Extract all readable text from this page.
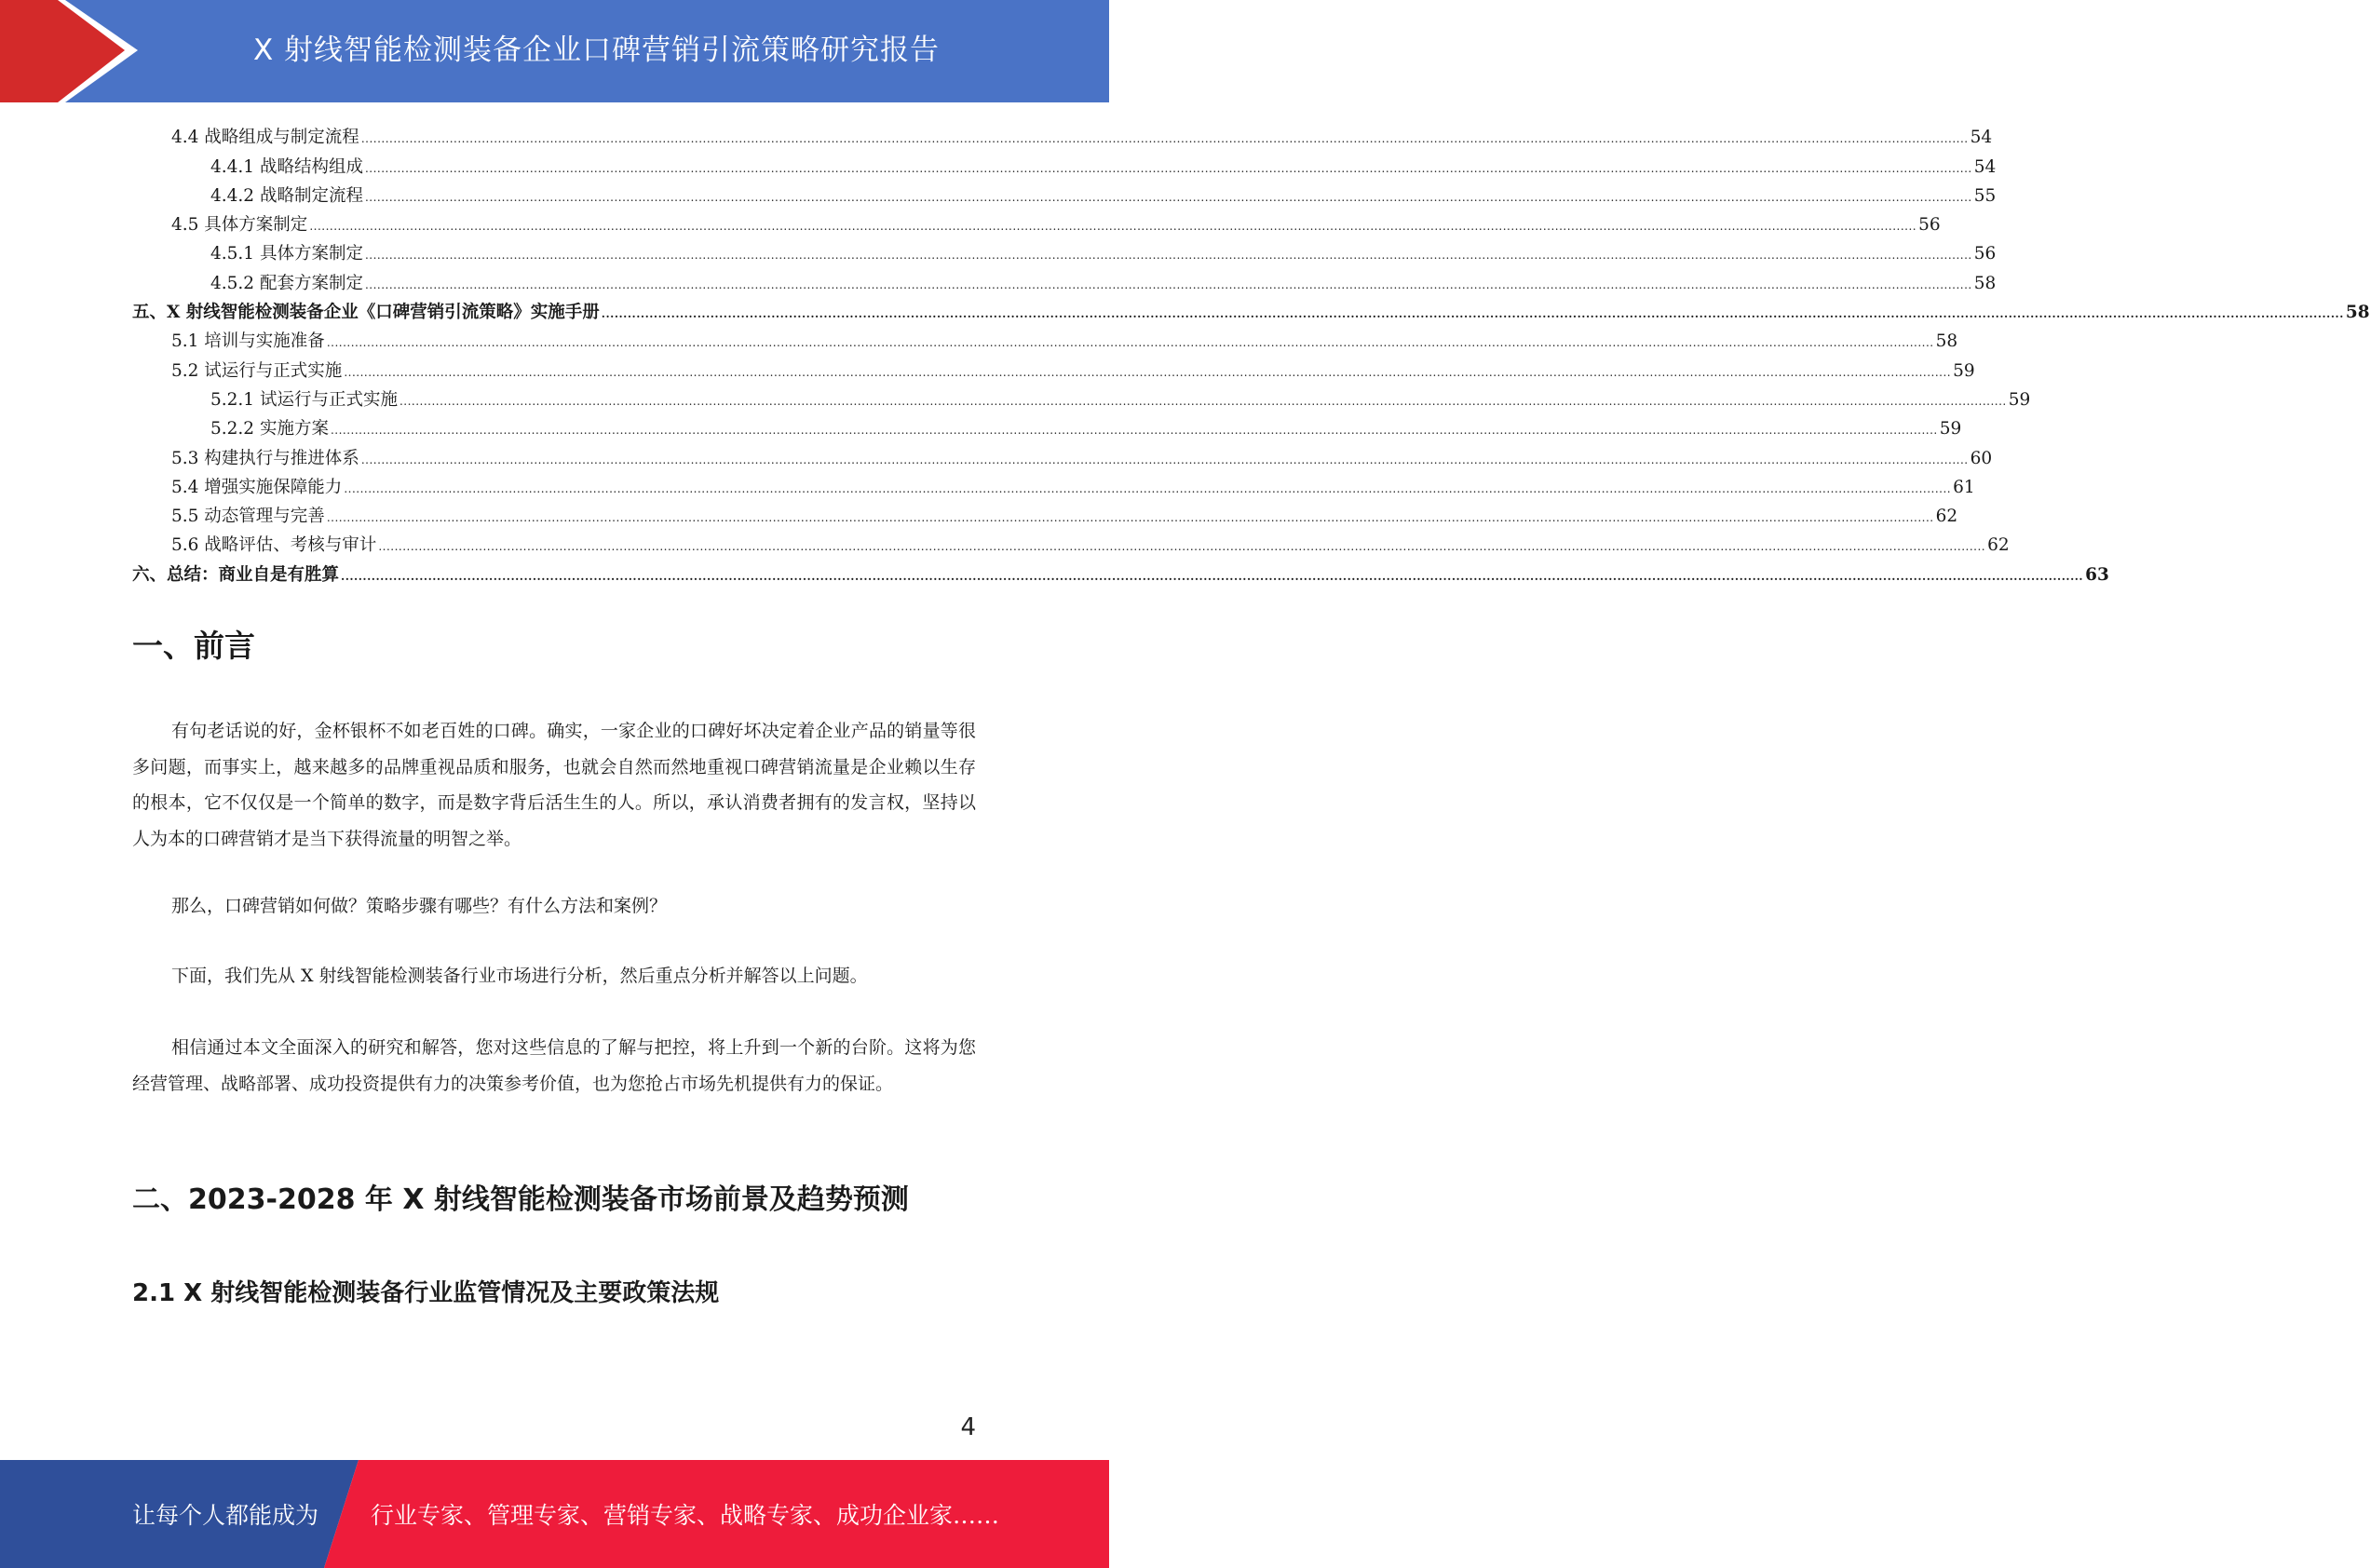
X 射线智能检测装备企业口碑营销引流策略研究报告
4.4 战略组成与制定流程 ................................................................................................................................................................................................................................................................................................................................................................................................................ 54
4.4.1 战略结构组成 ................................................................................................................................................................................................................................................................................................................................................................................................................ 54
4.4.2 战略制定流程 ................................................................................................................................................................................................................................................................................................................................................................................................................ 55
4.5 具体方案制定 ................................................................................................................................................................................................................................................................................................................................................................................................................ 56
4.5.1 具体方案制定 ................................................................................................................................................................................................................................................................................................................................................................................................................ 56
4.5.2 配套方案制定 ................................................................................................................................................................................................................................................................................................................................................................................................................ 58
五、X 射线智能检测装备企业《口碑营销引流策略》实施手册 ................................................................................................................................................................................................................................................................................................................................................................................................................ 58
5.1 培训与实施准备 ................................................................................................................................................................................................................................................................................................................................................................................................................ 58
5.2 试运行与正式实施 ................................................................................................................................................................................................................................................................................................................................................................................................................ 59
5.2.1 试运行与正式实施 ................................................................................................................................................................................................................................................................................................................................................................................................................ 59
5.2.2 实施方案 ................................................................................................................................................................................................................................................................................................................................................................................................................ 59
5.3 构建执行与推进体系 ................................................................................................................................................................................................................................................................................................................................................................................................................ 60
5.4 增强实施保障能力 ................................................................................................................................................................................................................................................................................................................................................................................................................ 61
5.5 动态管理与完善 ................................................................................................................................................................................................................................................................................................................................................................................................................ 62
5.6 战略评估、考核与审计 ................................................................................................................................................................................................................................................................................................................................................................................................................ 62
六、总结：商业自是有胜算 ................................................................................................................................................................................................................................................................................................................................................................................................................ 63
一、前言
有句老话说的好，金杯银杯不如老百姓的口碑。确实，一家企业的口碑好坏决定着企业产品的销量等很多问题，而事实上，越来越多的品牌重视品质和服务，也就会自然而然地重视口碑营销流量是企业赖以生存的根本，它不仅仅是一个简单的数字，而是数字背后活生生的人。所以，承认消费者拥有的发言权，坚持以人为本的口碑营销才是当下获得流量的明智之举。
那么，口碑营销如何做？策略步骤有哪些？有什么方法和案例？
下面，我们先从 X 射线智能检测装备行业市场进行分析，然后重点分析并解答以上问题。
相信通过本文全面深入的研究和解答，您对这些信息的了解与把控，将上升到一个新的台阶。这将为您经营管理、战略部署、成功投资提供有力的决策参考价值，也为您抢占市场先机提供有力的保证。
二、2023-2028 年 X 射线智能检测装备市场前景及趋势预测
2.1 X 射线智能检测装备行业监管情况及主要政策法规
4
让每个人都能成为 行业专家、管理专家、营销专家、战略专家、成功企业家……
